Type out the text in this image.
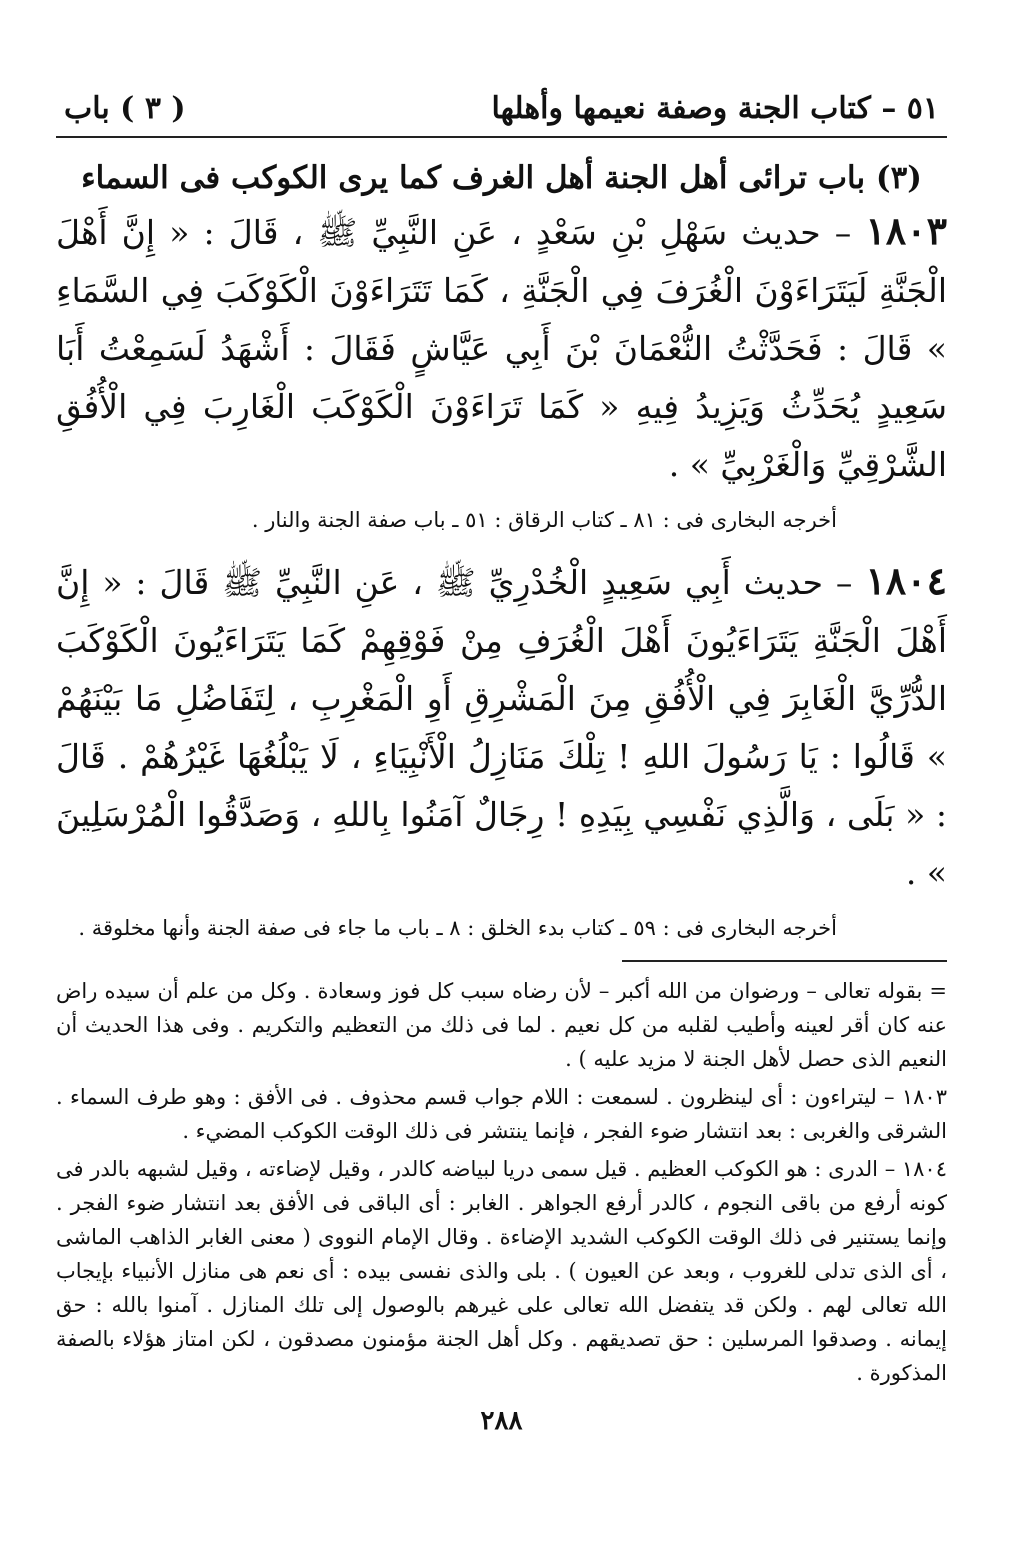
٥١ – كتاب الجنة وصفة نعيمها وأهلها
( ٣ ) باب
(٣) باب ترائى أهل الجنة أهل الغرف كما يرى الكوكب فى السماء

١٨٠٣ – حديث سَهْلِ بْنِ سَعْدٍ ، عَنِ النَّبِيِّ ﷺ ، قَالَ : « إِنَّ أَهْلَ الْجَنَّةِ لَيَتَرَاءَوْنَ الْغُرَفَ فِي الْجَنَّةِ ، كَمَا تَتَرَاءَوْنَ الْكَوْكَبَ فِي السَّمَاءِ » قَالَ : فَحَدَّثْتُ النُّعْمَانَ بْنَ أَبِي عَيَّاشٍ فَقَالَ : أَشْهَدُ لَسَمِعْتُ أَبَا سَعِيدٍ يُحَدِّثُ وَيَزِيدُ فِيهِ « كَمَا تَرَاءَوْنَ الْكَوْكَبَ الْغَارِبَ فِي الْأُفُقِ الشَّرْقِيِّ وَالْغَرْبِيِّ » .

أخرجه البخارى فى : ٨١ ـ كتاب الرقاق : ٥١ ـ باب صفة الجنة والنار .

١٨٠٤ – حديث أَبِي سَعِيدٍ الْخُدْرِيِّ ﷺ ، عَنِ النَّبِيِّ ﷺ قَالَ : « إِنَّ أَهْلَ الْجَنَّةِ يَتَرَاءَيُونَ أَهْلَ الْغُرَفِ مِنْ فَوْقِهِمْ كَمَا يَتَرَاءَيُونَ الْكَوْكَبَ الدُّرِّيَّ الْغَابِرَ فِي الْأُفُقِ مِنَ الْمَشْرِقِ أَوِ الْمَغْرِبِ ، لِتَفَاضُلِ مَا بَيْنَهُمْ » قَالُوا : يَا رَسُولَ اللهِ ! تِلْكَ مَنَازِلُ الْأَنْبِيَاءِ ، لَا يَبْلُغُهَا غَيْرُهُمْ . قَالَ : « بَلَى ، وَالَّذِي نَفْسِي بِيَدِهِ ! رِجَالٌ آمَنُوا بِاللهِ ، وَصَدَّقُوا الْمُرْسَلِينَ » .

أخرجه البخارى فى : ٥٩ ـ كتاب بدء الخلق : ٨ ـ باب ما جاء فى صفة الجنة وأنها مخلوقة .

= بقوله تعالى – ورضوان من الله أكبر – لأن رضاه سبب كل فوز وسعادة . وكل من علم أن سيده راض عنه كان أقر لعينه وأطيب لقلبه من كل نعيم . لما فى ذلك من التعظيم والتكريم . وفى هذا الحديث أن النعيم الذى حصل لأهل الجنة لا مزيد عليه ) .

١٨٠٣ – ليتراءون : أى لينظرون . لسمعت : اللام جواب قسم محذوف . فى الأفق : وهو طرف السماء . الشرقى والغربى : بعد انتشار ضوء الفجر ، فإنما ينتشر فى ذلك الوقت الكوكب المضيء .

١٨٠٤ – الدرى : هو الكوكب العظيم . قيل سمى دريا لبياضه كالدر ، وقيل لإضاءته ، وقيل لشبهه بالدر فى كونه أرفع من باقى النجوم ، كالدر أرفع الجواهر . الغابر : أى الباقى فى الأفق بعد انتشار ضوء الفجر . وإنما يستنير فى ذلك الوقت الكوكب الشديد الإضاءة . وقال الإمام النووى ( معنى الغابر الذاهب الماشى ، أى الذى تدلى للغروب ، وبعد عن العيون ) . بلى والذى نفسى بيده : أى نعم هى منازل الأنبياء بإيجاب الله تعالى لهم . ولكن قد يتفضل الله تعالى على غيرهم بالوصول إلى تلك المنازل . آمنوا بالله : حق إيمانه . وصدقوا المرسلين : حق تصديقهم . وكل أهل الجنة مؤمنون مصدقون ، لكن امتاز هؤلاء بالصفة المذكورة .

٢٨٨
